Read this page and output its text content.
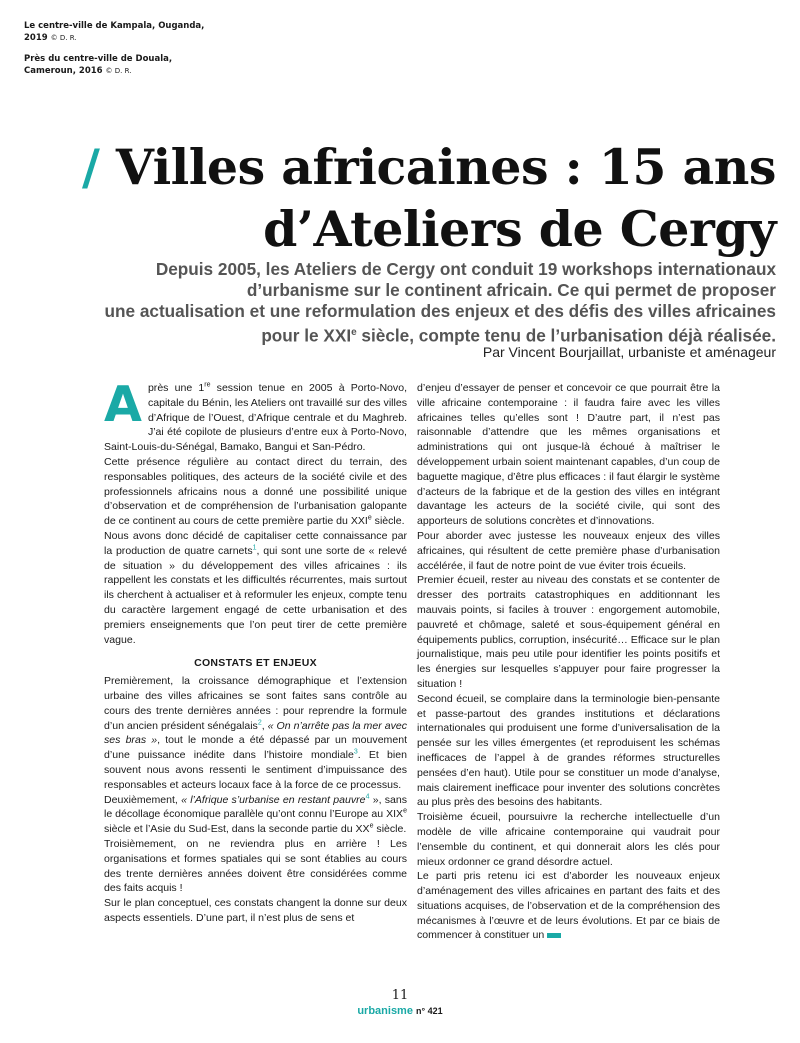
Le centre-ville de Kampala, Ouganda, 2019 © D. R.
Près du centre-ville de Douala, Cameroun, 2016 © D. R.
/ Villes africaines : 15 ans
d’Ateliers de Cergy
Depuis 2005, les Ateliers de Cergy ont conduit 19 workshops internationaux
d’urbanisme sur le continent africain. Ce qui permet de proposer
une actualisation et une reformulation des enjeux et des défis des villes africaines
pour le XXIe siècle, compte tenu de l’urbanisation déjà réalisée.
Par Vincent Bourjaillat, urbaniste et aménageur

Après une 1re session tenue en 2005 à Porto-Novo, capitale du Bénin, les Ateliers ont travaillé sur des villes d’Afrique de l’Ouest, d’Afrique centrale et du Maghreb. J’ai été copilote de plusieurs d’entre eux à Porto-Novo, Saint-Louis-du-Sénégal, Bamako, Bangui et San-Pédro.

Cette présence régulière au contact direct du terrain, des responsables politiques, des acteurs de la société civile et des professionnels africains nous a donné une possibilité unique d’observation et de compréhension de l’urbanisation galopante de ce continent au cours de cette première partie du XXIe siècle.

Nous avons donc décidé de capitaliser cette connaissance par la production de quatre carnets$^1$, qui sont une sorte de « relevé de situation » du développement des villes africaines : ils rappellent les constats et les difficultés récurrentes, mais surtout ils cherchent à actualiser et à reformuler les enjeux, compte tenu du caractère largement engagé de cette urbanisation et des premiers enseignements que l’on peut tirer de cette première vague.

CONSTATS ET ENJEUX

Premièrement, la croissance démographique et l’extension urbaine des villes africaines se sont faites sans contrôle au cours des trente dernières années : pour reprendre la formule d’un ancien président sénégalais$^2$, « On n’arrête pas la mer avec ses bras », tout le monde a été dépassé par un mouvement d’une puissance inédite dans l’histoire mondiale$^3$. Et bien souvent nous avons ressenti le sentiment d’impuissance des responsables et acteurs locaux face à la force de ce processus.

Deuxièmement, « l’Afrique s’urbanise en restant pauvre$^4$ », sans le décollage économique parallèle qu’ont connu l’Europe au XIXe siècle et l’Asie du Sud-Est, dans la seconde partie du XXe siècle.

Troisièmement, on ne reviendra plus en arrière ! Les organisations et formes spatiales qui se sont établies au cours des trente dernières années doivent être considérées comme des faits acquis !

Sur le plan conceptuel, ces constats changent la donne sur deux aspects essentiels. D’une part, il n’est plus de sens et

d’enjeu d’essayer de penser et concevoir ce que pourrait être la ville africaine contemporaine : il faudra faire avec les villes africaines telles qu’elles sont ! D’autre part, il n’est pas raisonnable d’attendre que les mêmes organisations et administrations qui ont jusque-là échoué à maîtriser le développement urbain soient maintenant capables, d’un coup de baguette magique, d’être plus efficaces : il faut élargir le système d’acteurs de la fabrique et de la gestion des villes en intégrant davantage les acteurs de la société civile, qui sont des apporteurs de solutions concrètes et d’innovations.

Pour aborder avec justesse les nouveaux enjeux des villes africaines, qui résultent de cette première phase d’urbanisation accélérée, il faut de notre point de vue éviter trois écueils.

Premier écueil, rester au niveau des constats et se contenter de dresser des portraits catastrophiques en additionnant les mauvais points, si faciles à trouver : engorgement automobile, pauvreté et chômage, saleté et sous-équipement général en équipements publics, corruption, insécurité… Efficace sur le plan journalistique, mais peu utile pour identifier les points positifs et les énergies sur lesquelles s’appuyer pour faire progresser la situation !

Second écueil, se complaire dans la terminologie bien-pensante et passe-partout des grandes institutions et déclarations internationales qui produisent une forme d’universalisation de la pensée sur les villes émergentes (et reproduisent les schémas inefficaces de l’appel à de grandes réformes structurelles pensées d’en haut). Utile pour se constituer un mode d’analyse, mais clairement inefficace pour inventer des solutions concrètes au plus près des besoins des habitants.

Troisième écueil, poursuivre la recherche intellectuelle d’un modèle de ville africaine contemporaine qui vaudrait pour l’ensemble du continent, et qui donnerait alors les clés pour mieux ordonner ce grand désordre actuel.

Le parti pris retenu ici est d’aborder les nouveaux enjeux d’aménagement des villes africaines en partant des faits et des situations acquises, de l’observation et de la compréhension des mécanismes à l’œuvre et de leurs évolutions. Et par ce biais de commencer à constituer un

11
urbanisme n° 421
